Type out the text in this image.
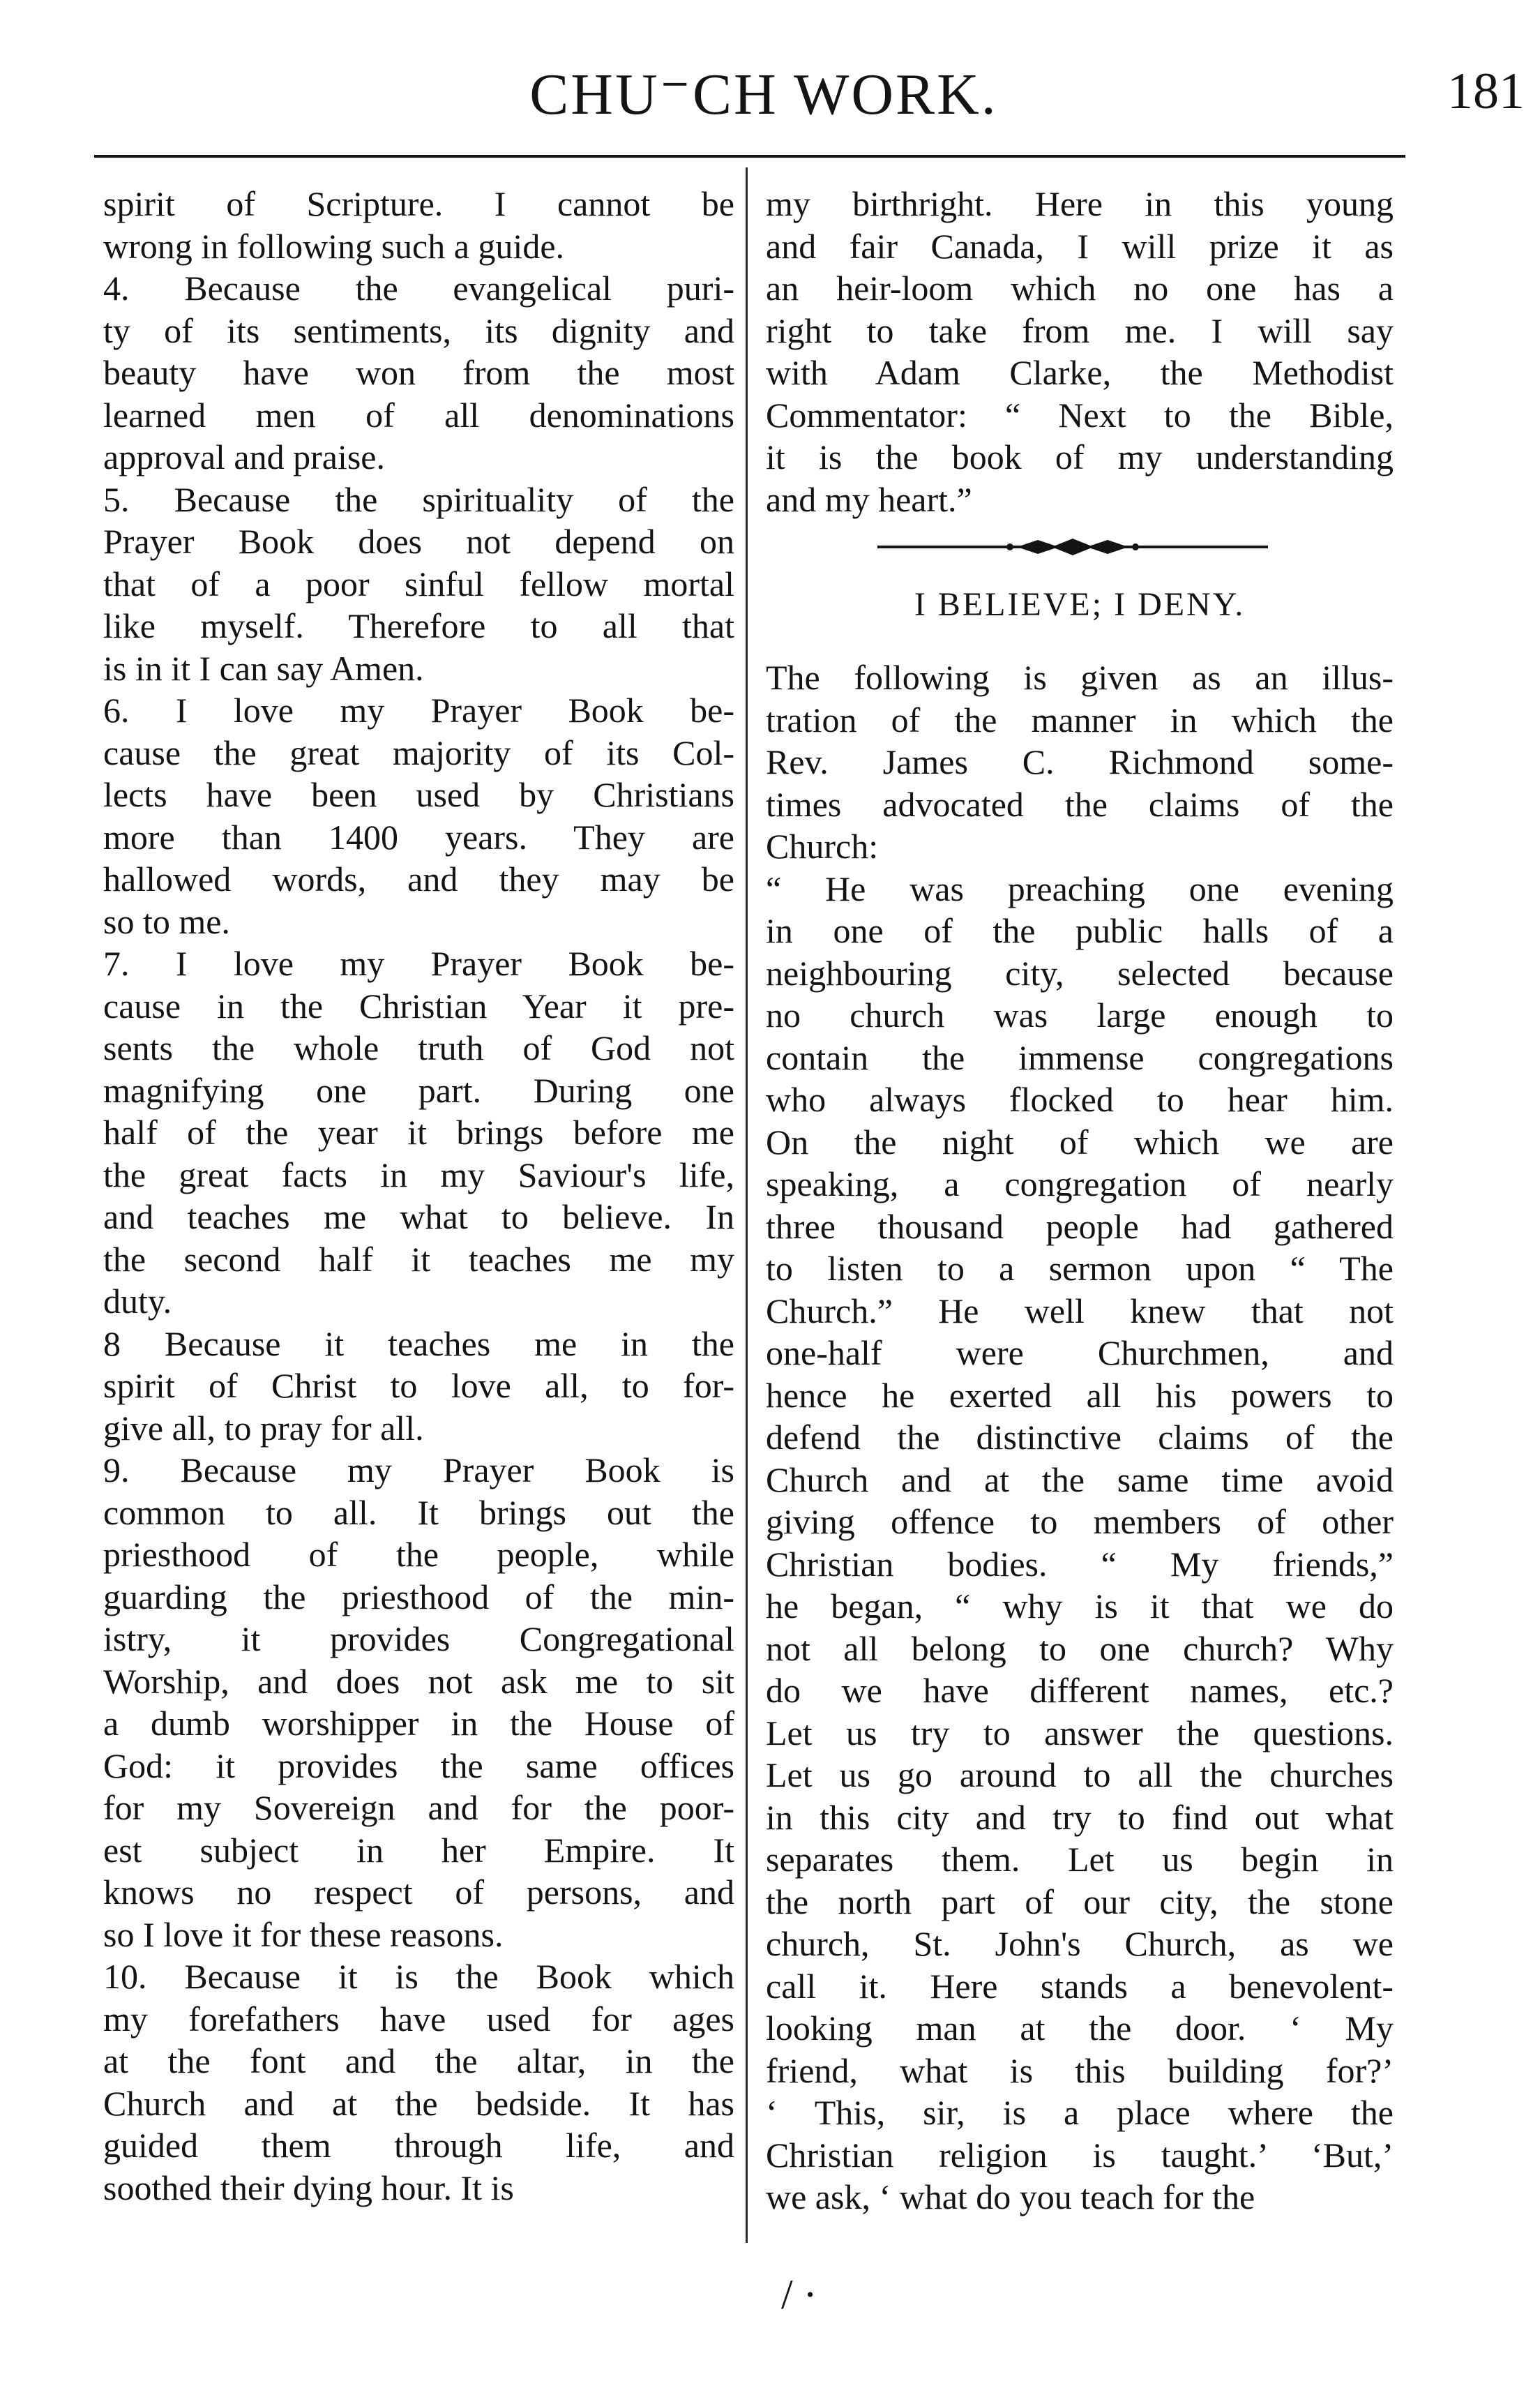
CHU⁻CH WORK.	181
spirit of Scripture. I cannot be
wrong in following such a guide.
4. Because the evangelical puri-
ty of its sentiments, its dignity and
beauty have won from the most
learned men of all denominations
approval and praise.
5. Because the spirituality of the
Prayer Book does not depend on
that of a poor sinful fellow mortal
like myself. Therefore to all that
is in it I can say Amen.
6. I love my Prayer Book be-
cause the great majority of its Col-
lects have been used by Christians
more than 1400 years. They are
hallowed words, and they may be
so to me.
7. I love my Prayer Book be-
cause in the Christian Year it pre-
sents the whole truth of God not
magnifying one part. During one
half of the year it brings before me
the great facts in my Saviour's life,
and teaches me what to believe. In
the second half it teaches me my
duty.
8 Because it teaches me in the
spirit of Christ to love all, to for-
give all, to pray for all.
9. Because my Prayer Book is
common to all. It brings out the
priesthood of the people, while
guarding the priesthood of the min-
istry, it provides Congregational
Worship, and does not ask me to sit
a dumb worshipper in the House of
God: it provides the same offices
for my Sovereign and for the poor-
est subject in her Empire. It
knows no respect of persons, and
so I love it for these reasons.
10. Because it is the Book which
my forefathers have used for ages
at the font and the altar, in the
Church and at the bedside. It has
guided them through life, and
soothed their dying hour. It is
my birthright. Here in this young
and fair Canada, I will prize it as
an heir-loom which no one has a
right to take from me. I will say
with Adam Clarke, the Methodist
Commentator: “ Next to the Bible,
it is the book of my understanding
and my heart.”
I BELIEVE; I DENY.
The following is given as an illus-
tration of the manner in which the
Rev. James C. Richmond some-
times advocated the claims of the
Church:
“ He was preaching one evening
in one of the public halls of a
neighbouring city, selected because
no church was large enough to
contain the immense congregations
who always flocked to hear him.
On the night of which we are
speaking, a congregation of nearly
three thousand people had gathered
to listen to a sermon upon “ The
Church.” He well knew that not
one-half were Churchmen, and
hence he exerted all his powers to
defend the distinctive claims of the
Church and at the same time avoid
giving offence to members of other
Christian bodies. “ My friends,”
he began, “ why is it that we do
not all belong to one church? Why
do we have different names, etc.?
Let us try to answer the questions.
Let us go around to all the churches
in this city and try to find out what
separates them. Let us begin in
the north part of our city, the stone
church, St. John's Church, as we
call it. Here stands a benevolent-
looking man at the door. ‘ My
friend, what is this building for?’
‘ This, sir, is a place where the
Christian religion is taught.’ ‘But,’
we ask, ‘ what do you teach for the
/ ·
